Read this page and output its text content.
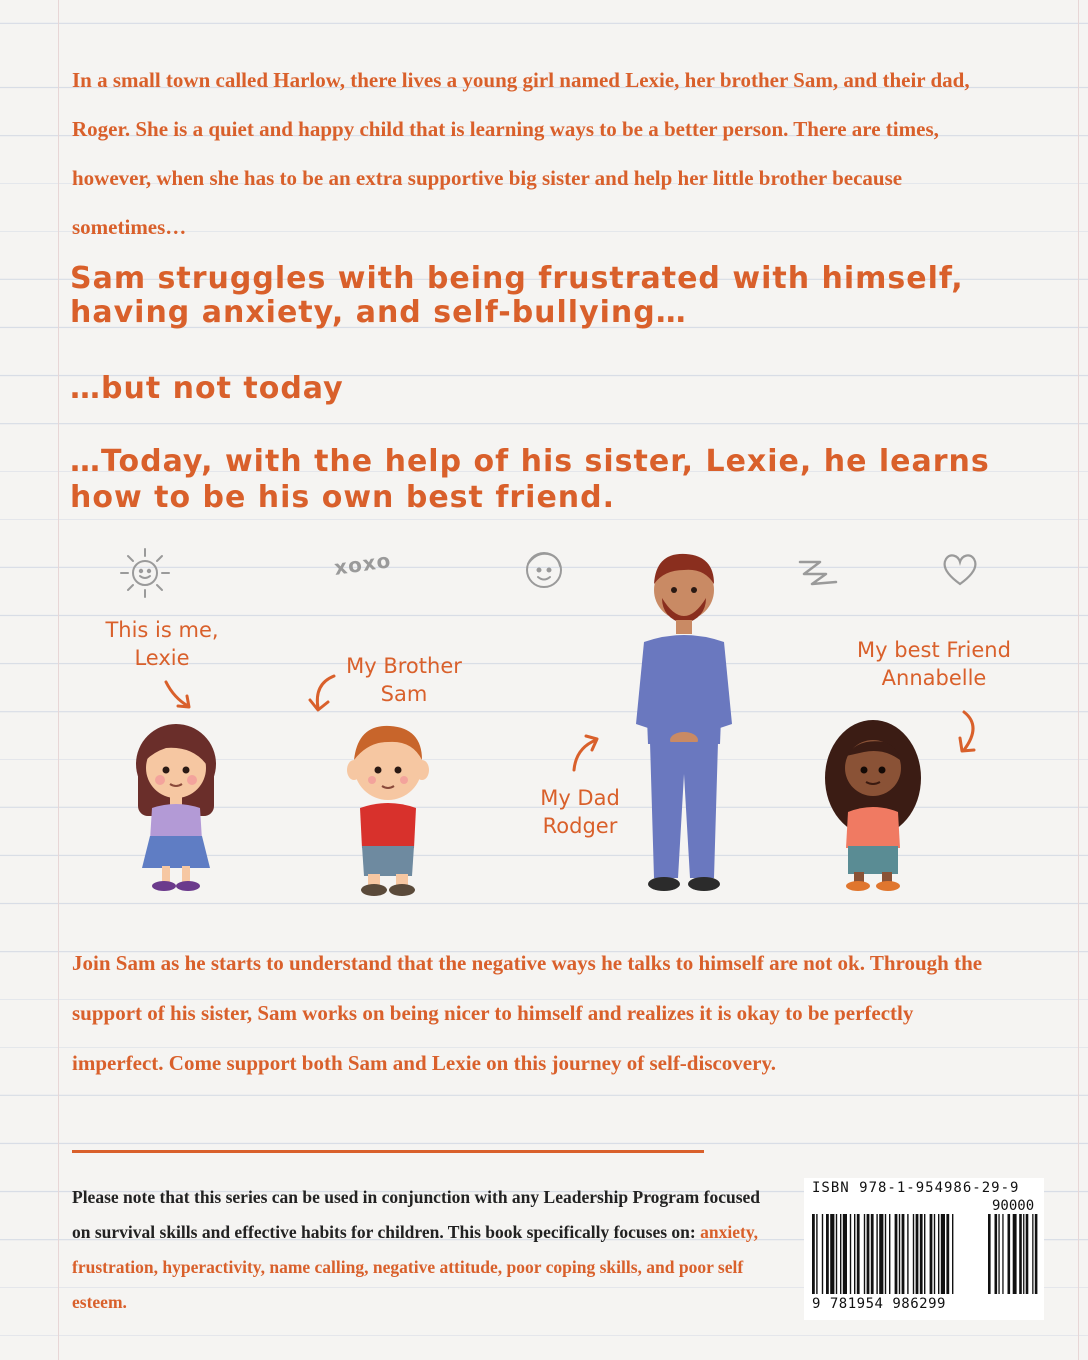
In a small town called Harlow, there lives a young girl named Lexie, her brother Sam, and their dad, Roger. She is a quiet and happy child that is learning ways to be a better person. There are times, however, when she has to be an extra supportive big sister and help her little brother because sometimes…

Sam struggles with being frustrated with himself, having anxiety, and self-bullying…

…but not today

…Today, with the help of his sister, Lexie, he learns how to be his own best friend.

xoxo
This is me,
Lexie	My Brother
Sam
My Dad
Rodger
My best Friend
Annabelle

Join Sam as he starts to understand that the negative ways he talks to himself are not ok. Through the support of his sister, Sam works on being nicer to himself and realizes it is okay to be perfectly imperfect. Come support both Sam and Lexie on this journey of self-discovery.

Please note that this series can be used in conjunction with any Leadership Program focused on survival skills and effective habits for children. This book specifically focuses on: anxiety, frustration, hyperactivity, name calling, negative attitude, poor coping skills, and poor self esteem.

ISBN 978-1-954986-29-9
90000
9 781954 986299
